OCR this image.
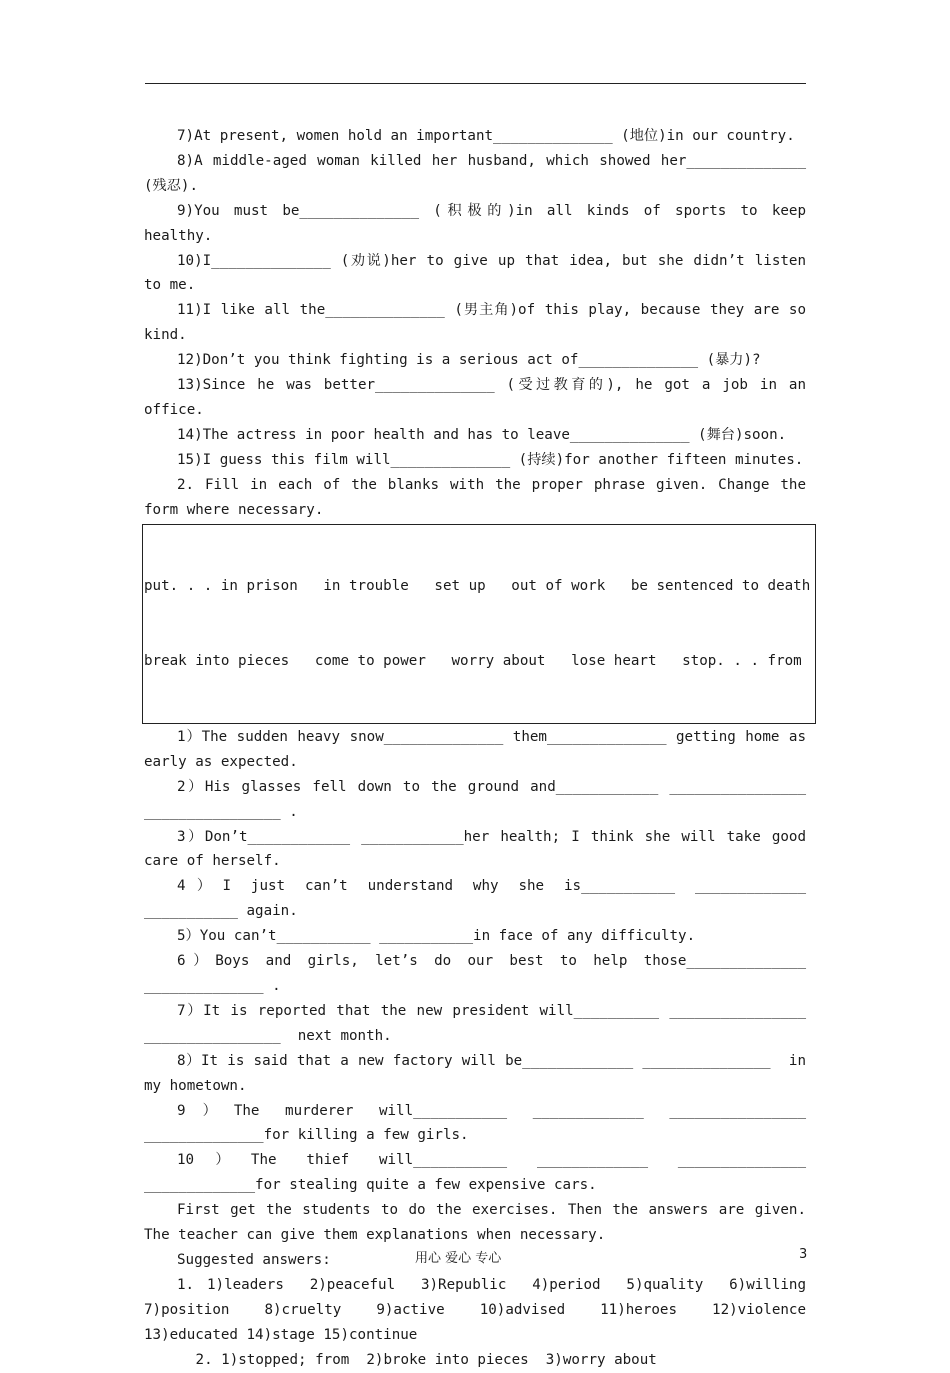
7)At present, women hold an important______________ (地位)in our country.

8)A middle-aged woman killed her husband, which showed her______________ (残忍).

9)You must be______________ (积极的)in all kinds of sports to keep healthy.

10)I______________ (劝说)her to give up that idea, but she didn’t listen to me.

11)I like all the______________ (男主角)of this play, because they are so kind.

12)Don’t you think fighting is a serious act of______________ (暴力)?

13)Since he was better______________ (受过教育的), he got a job in an office.

14)The actress in poor health and has to leave______________ (舞台)soon.

15)I guess this film will______________ (持续)for another fifteen minutes.

2. Fill in each of the blanks with the proper phrase given. Change the form where necessary.

put. . . in prison   in trouble   set up   out of work   be sentenced to death

break into pieces   come to power   worry about   lose heart   stop. . . from

1）The sudden heavy snow______________ them______________ getting home as early as expected.

2）His glasses fell down to the ground and____________ ________________ ________________ .

3）Don’t____________ ____________her health; I think she will take good care of herself.

4）I just can’t understand why she is___________ _____________ ___________ again.

5）You can’t___________ ___________in face of any difficulty.

6）Boys and girls, let’s do our best to help those______________ ______________ .

7）It is reported that the new president will__________ ________________ ________________  next month.

8）It is said that a new factory will be_____________ _______________  in my hometown.

9）The murderer will___________ _____________ ________________ ______________for killing a few girls.

10）The thief will___________ _____________ _______________ _____________for stealing quite a few expensive cars.

First get the students to do the exercises. Then the answers are given. The teacher can give them explanations when necessary.

Suggested answers:

1. 1)leaders  2)peaceful  3)Republic  4)period  5)quality  6)willing 7)position  8)cruelty  9)active  10)advised  11)heroes  12)violence 13)educated 14)stage 15)continue

2. 1)stopped; from  2)broke into pieces  3)worry about

用心 爱心 专心	3
